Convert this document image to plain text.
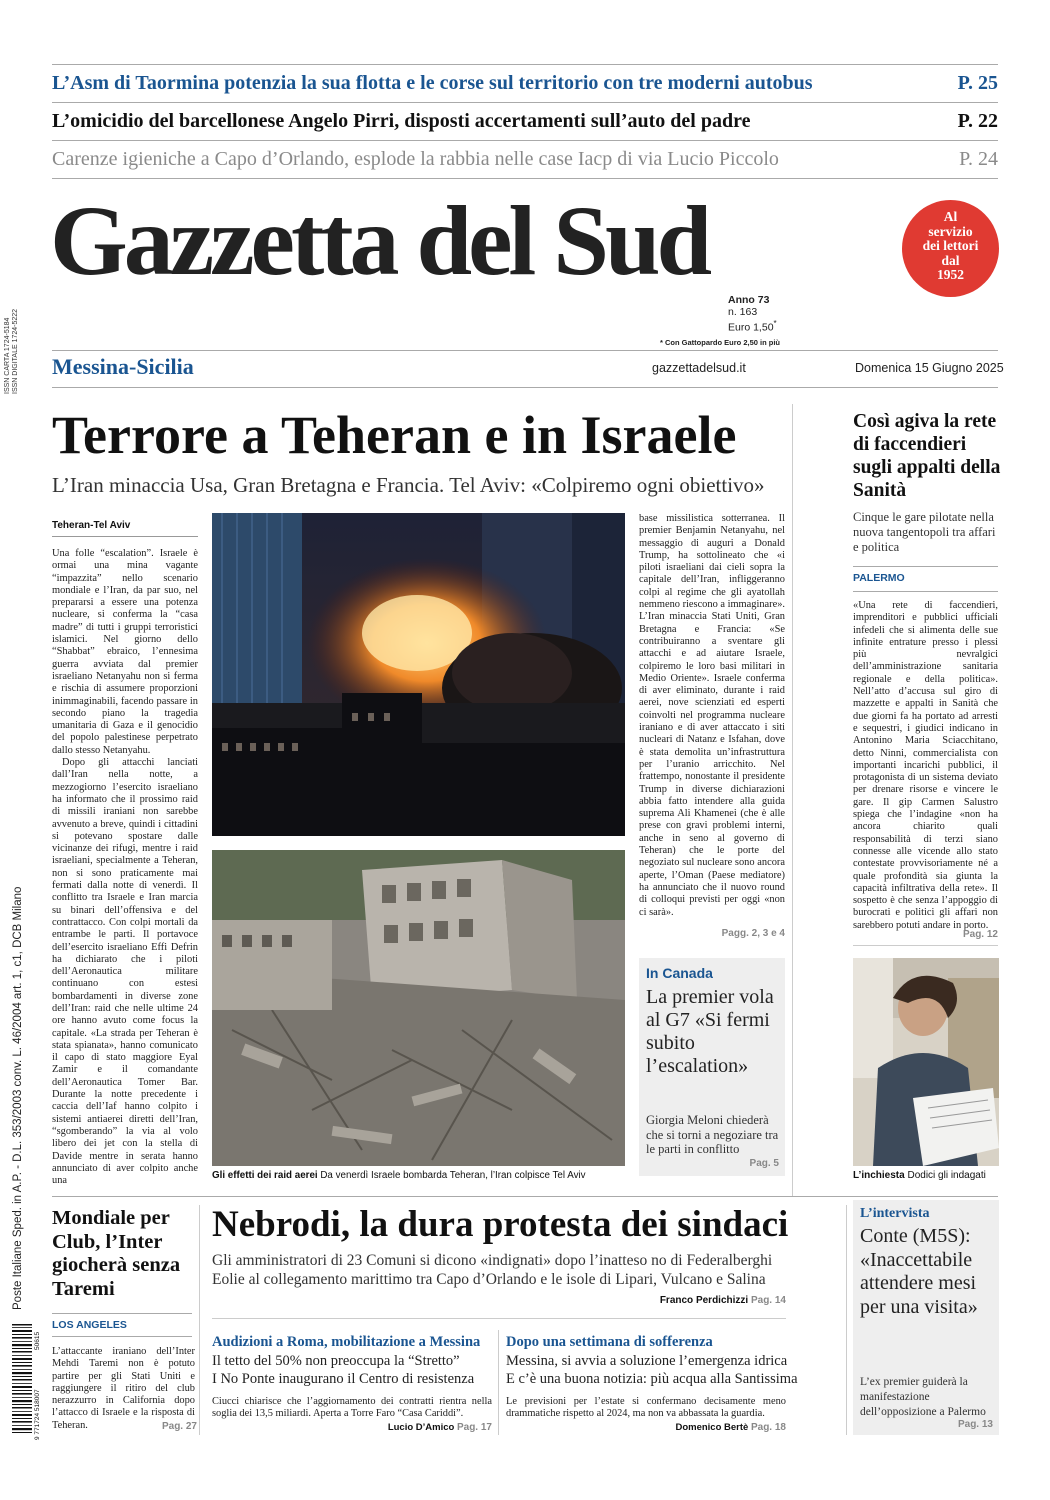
L’Asm di Taormina potenzia la sua flotta e le corse sul territorio con tre moderni autobus	P. 25
L’omicidio del barcellonese Angelo Pirri, disposti accertamenti sull’auto del padre	P. 22
Carenze igieniche a Capo d’Orlando, esplode la rabbia nelle case Iacp di via Lucio Piccolo	P. 24
Gazzetta del Sud	Al
servizio
dei lettori
dal
1952
Anno 73
n. 163
Euro 1,50*
* Con Gattopardo Euro 2,50 in più
Messina-Sicilia	gazzettadelsud.it	Domenica 15 Giugno 2025
ISSN CARTA 1724-5184 ISSN DIGITALE 1724-5222
Poste Italiane Sped. in A.P. - D.L. 353/2003 conv. L. 46/2004 art. 1, c1, DCB Milano
9 771724 518007
50615
Terrore a Teheran e in Israele
L’Iran minaccia Usa, Gran Bretagna e Francia. Tel Aviv: «Colpiremo ogni obiettivo»
Teheran-Tel Aviv

Una folle “escalation”. Israele è ormai una mina vagante “impazzita” nello scenario mondiale e l’Iran, da par suo, nel prepararsi a essere una potenza nucleare, si conferma la “casa madre” di tutti i gruppi terroristici islamici. Nel giorno dello “Shabbat” ebraico, l’ennesima guerra avviata dal premier israeliano Netanyahu non si ferma e rischia di assumere proporzioni inimmaginabili, facendo passare in secondo piano la tragedia umanitaria di Gaza e il genocidio del popolo palestinese perpetrato dallo stesso Netanyahu.

Dopo gli attacchi lanciati dall’Iran nella notte, a mezzogiorno l’esercito israeliano ha informato che il prossimo raid di missili iraniani non sarebbe avvenuto a breve, quindi i cittadini si potevano spostare dalle vicinanze dei rifugi, mentre i raid israeliani, specialmente a Teheran, non si sono praticamente mai fermati dalla notte di venerdì. Il conflitto tra Israele e Iran marcia su binari dell’offensiva e del contrattacco. Con colpi mortali da entrambe le parti. Il portavoce dell’esercito israeliano Effi Defrin ha dichiarato che i piloti dell’Aeronautica militare continuano con estesi bombardamenti in diverse zone dell’Iran: raid che nelle ultime 24 ore hanno avuto come focus la capitale. «La strada per Teheran è stata spianata», hanno comunicato il capo di stato maggiore Eyal Zamir e il comandante dell’Aeronautica Tomer Bar. Durante la notte precedente i caccia dell’Iaf hanno colpito i sistemi antiaerei diretti dell’Iran, “sgomberando” la via al volo libero dei jet con la stella di Davide mentre in serata hanno annunciato di aver colpito anche una	Gli effetti dei raid aerei Da venerdì Israele bombarda Teheran, l’Iran colpisce Tel Aviv
base missilistica sotterranea. Il premier Benjamin Netanyahu, nel messaggio di auguri a Donald Trump, ha sottolineato che «i piloti israeliani dai cieli sopra la capitale dell’Iran, infliggeranno colpi al regime che gli ayatollah nemmeno riescono a immaginare». L’Iran minaccia Stati Uniti, Gran Bretagna e Francia: «Se contribuiranno a sventare gli attacchi e ad aiutare Israele, colpiremo le loro basi militari in Medio Oriente». Israele conferma di aver eliminato, durante i raid aerei, nove scienziati ed esperti coinvolti nel programma nucleare iraniano e di aver attaccato i siti nucleari di Natanz e Isfahan, dove è stata demolita un’infrastruttura per l’uranio arricchito. Nel frattempo, nonostante il presidente Trump in diverse dichiarazioni abbia fatto intendere alla guida suprema Ali Khamenei (che è alle prese con gravi problemi interni, anche in seno al governo di Teheran) che le porte del negoziato sul nucleare sono ancora aperte, l’Oman (Paese mediatore) ha annunciato che il nuovo round di colloqui previsti per oggi «non ci sarà».
Pagg. 2, 3 e 4
In Canada
La premier vola al G7 «Si fermi subito l’escalation»
Giorgia Meloni chiederà che si torni a negoziare tra le parti in conflitto
Pag. 5
Così agiva la rete di faccendieri sugli appalti della Sanità
Cinque le gare pilotate nella nuova tangentopoli tra affari e politica
PALERMO
«Una rete di faccendieri, imprenditori e pubblici ufficiali infedeli che si alimenta delle sue infinite entrature presso i plessi più nevralgici dell’amministrazione sanitaria regionale e della politica». Nell’atto d’accusa sul giro di mazzette e appalti in Sanità che due giorni fa ha portato ad arresti e sequestri, i giudici indicano in Antonino Maria Sciacchitano, detto Ninni, commercialista con importanti incarichi pubblici, il protagonista di un sistema deviato per drenare risorse e vincere le gare. Il gip Carmen Salustro spiega che l’indagine «non ha ancora chiarito quali responsabilità di terzi siano connesse alle vicende allo stato contestate provvisoriamente né a quale profondità sia giunta la capacità infiltrativa della rete». Il sospetto è che senza l’appoggio di burocrati e politici gli affari non sarebbero potuti andare in porto.
Pag. 12
L’inchiesta Dodici gli indagati
Mondiale per Club, l’Inter giocherà senza Taremi
LOS ANGELES
L’attaccante iraniano dell’Inter Mehdi Taremi non è potuto partire per gli Stati Uniti e raggiungere il ritiro del club nerazzurro in California dopo l’attacco di Israele e la risposta di Teheran.	Pag. 27
Nebrodi, la dura protesta dei sindaci
Gli amministratori di 23 Comuni si dicono «indignati» dopo l’inatteso no di Federalberghi Eolie al collegamento marittimo tra Capo d’Orlando e le isole di Lipari, Vulcano e Salina
Franco Perdichizzi Pag. 14
Audizioni a Roma, mobilitazione a Messina
Il tetto del 50% non preoccupa la “Stretto”
I No Ponte inaugurano il Centro di resistenza
Ciucci chiarisce che l’aggiornamento dei contratti rientra nella soglia dei 13,5 miliardi. Aperta a Torre Faro “Casa Cariddi”.
Lucio D’Amico Pag. 17
Dopo una settimana di sofferenza
Messina, si avvia a soluzione l’emergenza idrica
E c’è una buona notizia: più acqua alla Santissima
Le previsioni per l’estate si confermano decisamente meno drammatiche rispetto al 2024, ma non va abbassata la guardia.
Domenico Bertè Pag. 18
L’intervista
Conte (M5S): «Inaccettabile attendere mesi per una visita»
L’ex premier guiderà la manifestazione dell’opposizione a Palermo
Pag. 13
